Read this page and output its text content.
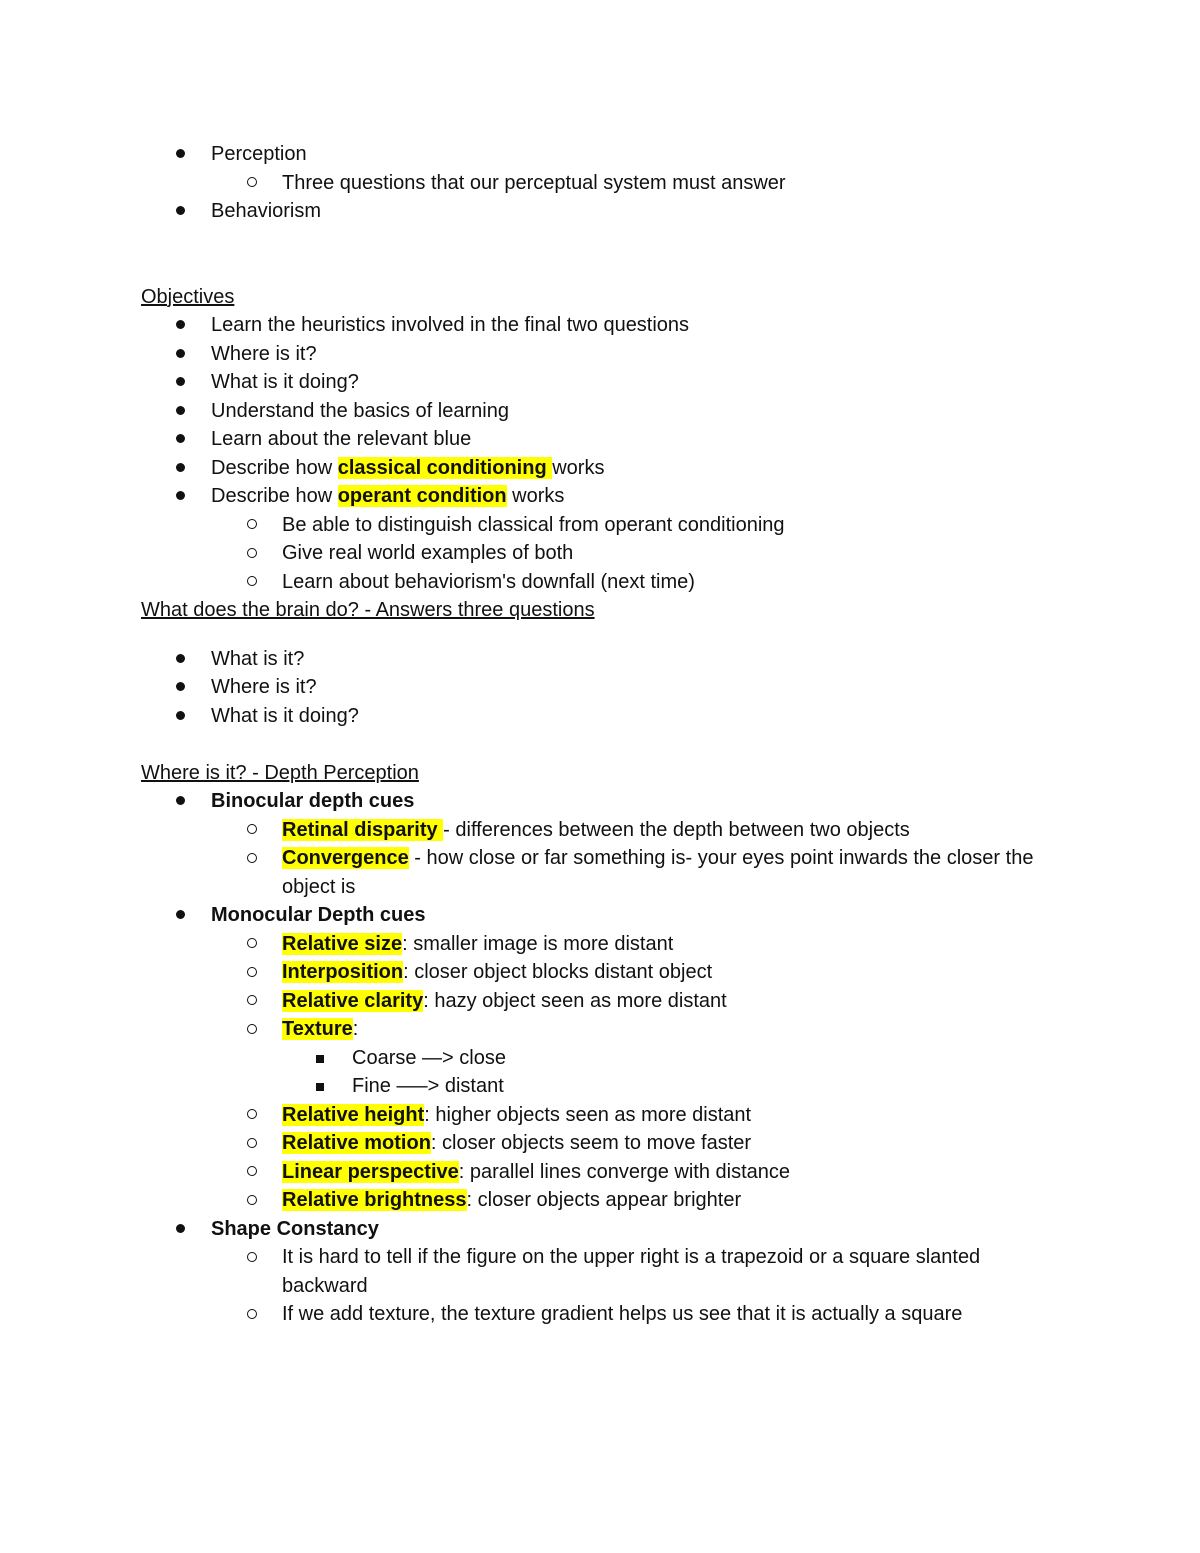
Perception
Three questions that our perceptual system must answer
Behaviorism
Objectives
Learn the heuristics involved in the final two questions
Where is it?
What is it doing?
Understand the basics of learning
Learn about the relevant blue
Describe how classical conditioning works
Describe how operant condition works
Be able to distinguish classical from operant conditioning
Give real world examples of both
Learn about behaviorism's downfall (next time)
What does the brain do? - Answers three questions
What is it?
Where is it?
What is it doing?
Where is it? - Depth Perception
Binocular depth cues
Retinal disparity - differences between the depth between two objects
Convergence - how close or far something is- your eyes point inwards the closer the object is
Monocular Depth cues
Relative size: smaller image is more distant
Interposition: closer object blocks distant object
Relative clarity: hazy object seen as more distant
Texture:
Coarse —> close
Fine —–> distant
Relative height: higher objects seen as more distant
Relative motion: closer objects seem to move faster
Linear perspective: parallel lines converge with distance
Relative brightness: closer objects appear brighter
Shape Constancy
It is hard to tell if the figure on the upper right is a trapezoid or a square slanted backward
If we add texture, the texture gradient helps us see that it is actually a square
